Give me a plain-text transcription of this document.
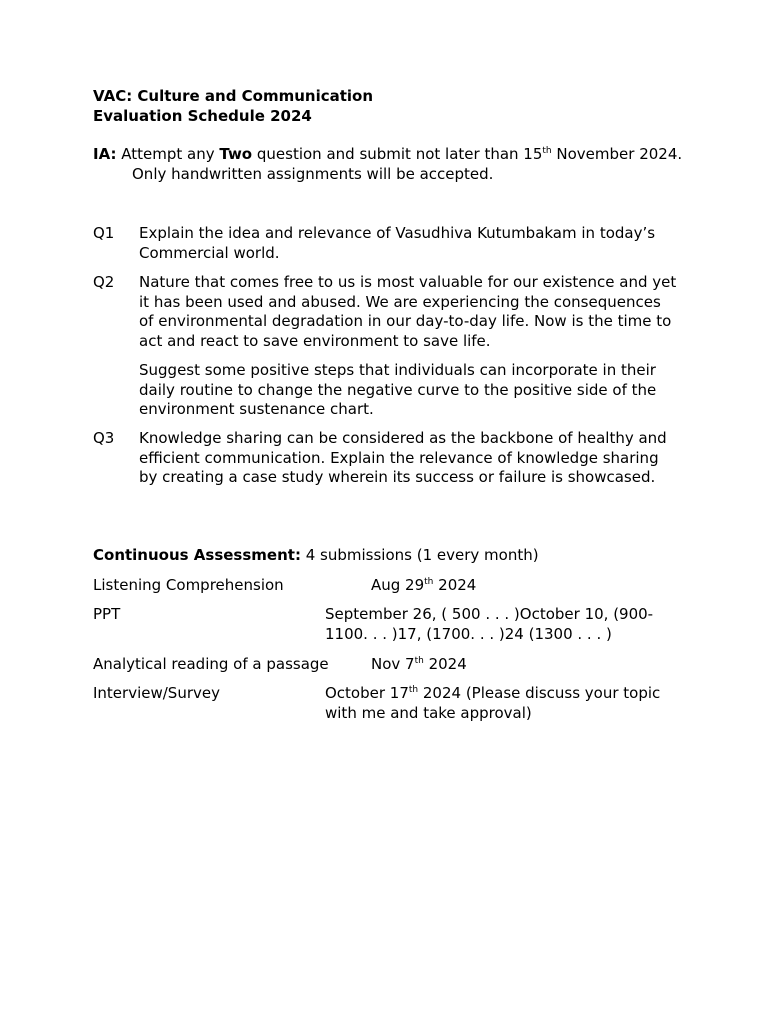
VAC: Culture and Communication
Evaluation Schedule 2024
IA: Attempt any Two question and submit not later than 15th November 2024.
Only handwritten assignments will be accepted.
Q1 Explain the idea and relevance of Vasudhiva Kutumbakam in today’s Commercial world.

Q2 Nature that comes free to us is most valuable for our existence and yet it has been used and abused. We are experiencing the consequences of environmental degradation in our day-to-day life. Now is the time to act and react to save environment to save life.

Suggest some positive steps that individuals can incorporate in their daily routine to change the negative curve to the positive side of the environment sustenance chart.

Q3 Knowledge sharing can be considered as the backbone of healthy and efficient communication. Explain the relevance of knowledge sharing by creating a case study wherein its success or failure is showcased.

Continuous Assessment: 4 submissions (1 every month)
Listening Comprehension	Aug 29th 2024
PPT	September 26, ( 500 . . . )October 10, (900-
1100. . . )17, (1700. . . )24 (1300 . . . )
Analytical reading of a passage	Nov 7th 2024
Interview/Survey	October 17th 2024 (Please discuss your topic
with me and take approval)
